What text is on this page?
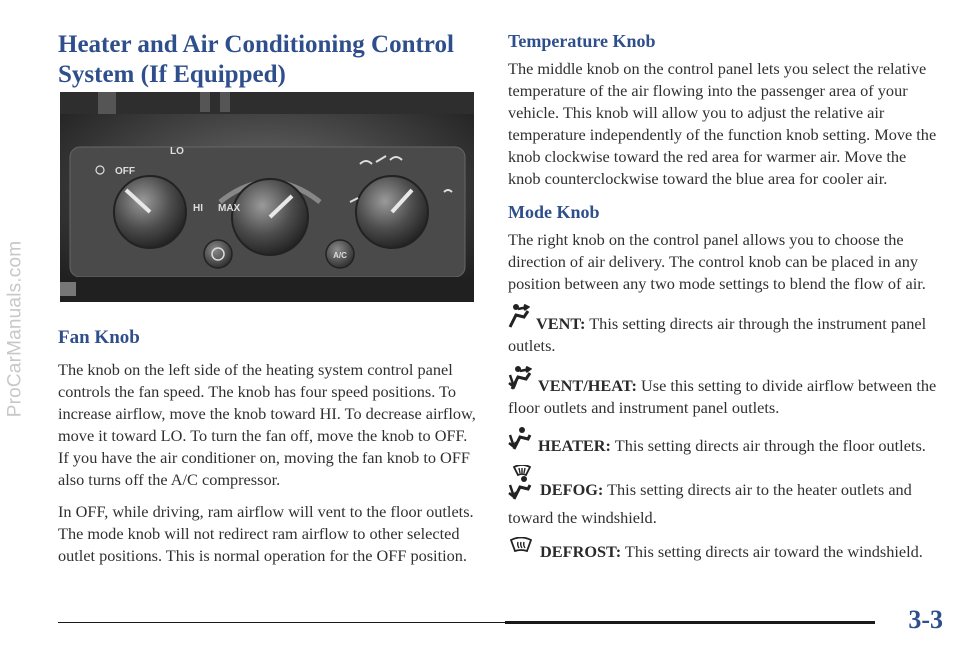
ProCarManuals.com
Heater and Air Conditioning Control
System (If Equipped)
A/C
OFF
LO
HI MAX
Fan Knob

The knob on the left side of the heating system control panel controls the fan speed. The knob has four speed positions. To increase airflow, move the knob toward HI. To decrease airflow, move it toward LO. To turn the fan off, move the knob to OFF. If you have the air conditioner on, moving the fan knob to OFF also turns off the A/C compressor.

In OFF, while driving, ram airflow will vent to the floor outlets. The mode knob will not redirect ram airflow to other selected outlet positions. This is normal operation for the OFF position.

Temperature Knob

The middle knob on the control panel lets you select the relative temperature of the air flowing into the passenger area of your vehicle. This knob will allow you to adjust the relative air temperature independently of the function knob setting. Move the knob clockwise toward the red area for warmer air. Move the knob counterclockwise toward the blue area for cooler air.

Mode Knob

The right knob on the control panel allows you to choose the direction of air delivery. The control knob can be placed in any position between any two mode settings to blend the flow of air.

VENT: This setting directs air through the instrument panel outlets.

VENT/HEAT: Use this setting to divide airflow between the floor outlets and instrument panel outlets.

HEATER: This setting directs air through the floor outlets.

DEFOG: This setting directs air to the heater outlets and toward the windshield.

DEFROST: This setting directs air toward the windshield.

3-3
